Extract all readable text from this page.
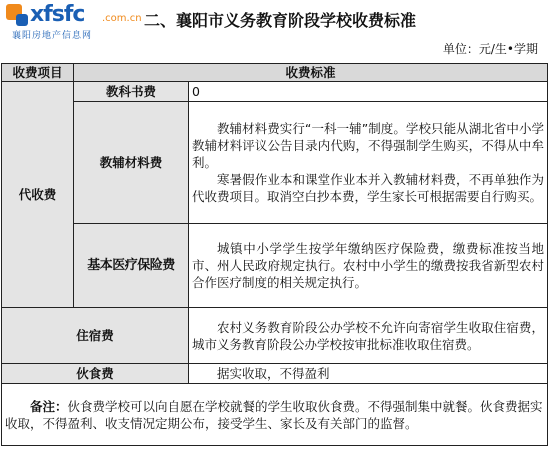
xfsfc .com.cn
襄阳房地产信息网
二、襄阳市义务教育阶段学校收费标准
单位：元/生•学期
收费项目	收费标准	
代收费	教科书费	0
	教辅材料费	教辅材料费实行“一科一辅”制度。学校只能从湖北省中小学教辅材料评议公告目录内代购，不得强制学生购买，不得从中牟利。

寒暑假作业本和课堂作业本并入教辅材料费，不再单独作为代收费项目。取消空白抄本费，学生家长可根据需要自行购买。

	基本医疗保险费	城镇中小学学生按学年缴纳医疗保险费，缴费标准按当地市、州人民政府规定执行。农村中小学生的缴费按我省新型农村合作医疗制度的相关规定执行。

住宿费		农村义务教育阶段公办学校不允许向寄宿学生收取住宿费，城市义务教育阶段公办学校按审批标准收取住宿费。

伙食费		据实收取，不得盈利

备注：伙食费学校可以向自愿在学校就餐的学生收取伙食费。不得强制集中就餐。伙食费据实收取，不得盈利、收支情况定期公布，接受学生、家长及有关部门的监督。		
